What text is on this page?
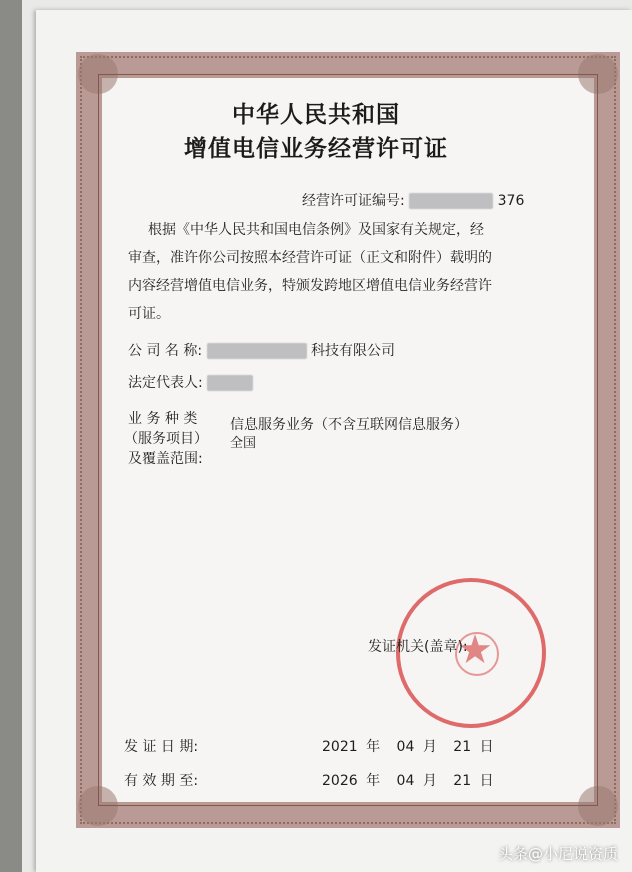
中华人民共和国
增值电信业务经营许可证
经营许可证编号:	376
根据《中华人民共和国电信条例》及国家有关规定，经
审查，准许你公司按照本经营许可证（正文和附件）载明的
内容经营增值电信业务，特颁发跨地区增值电信业务经营许
可证。
公 司 名 称:	科技有限公司
法定代表人:
业 务 种 类
（服务项目）
及覆盖范围:
信息服务业务（不含互联网信息服务）
全国
★
发证机关(盖章):
发 证 日 期:	2021 年 04 月 21 日
有 效 期 至:	2026 年 04 月 21 日
头条@小尼说资质
